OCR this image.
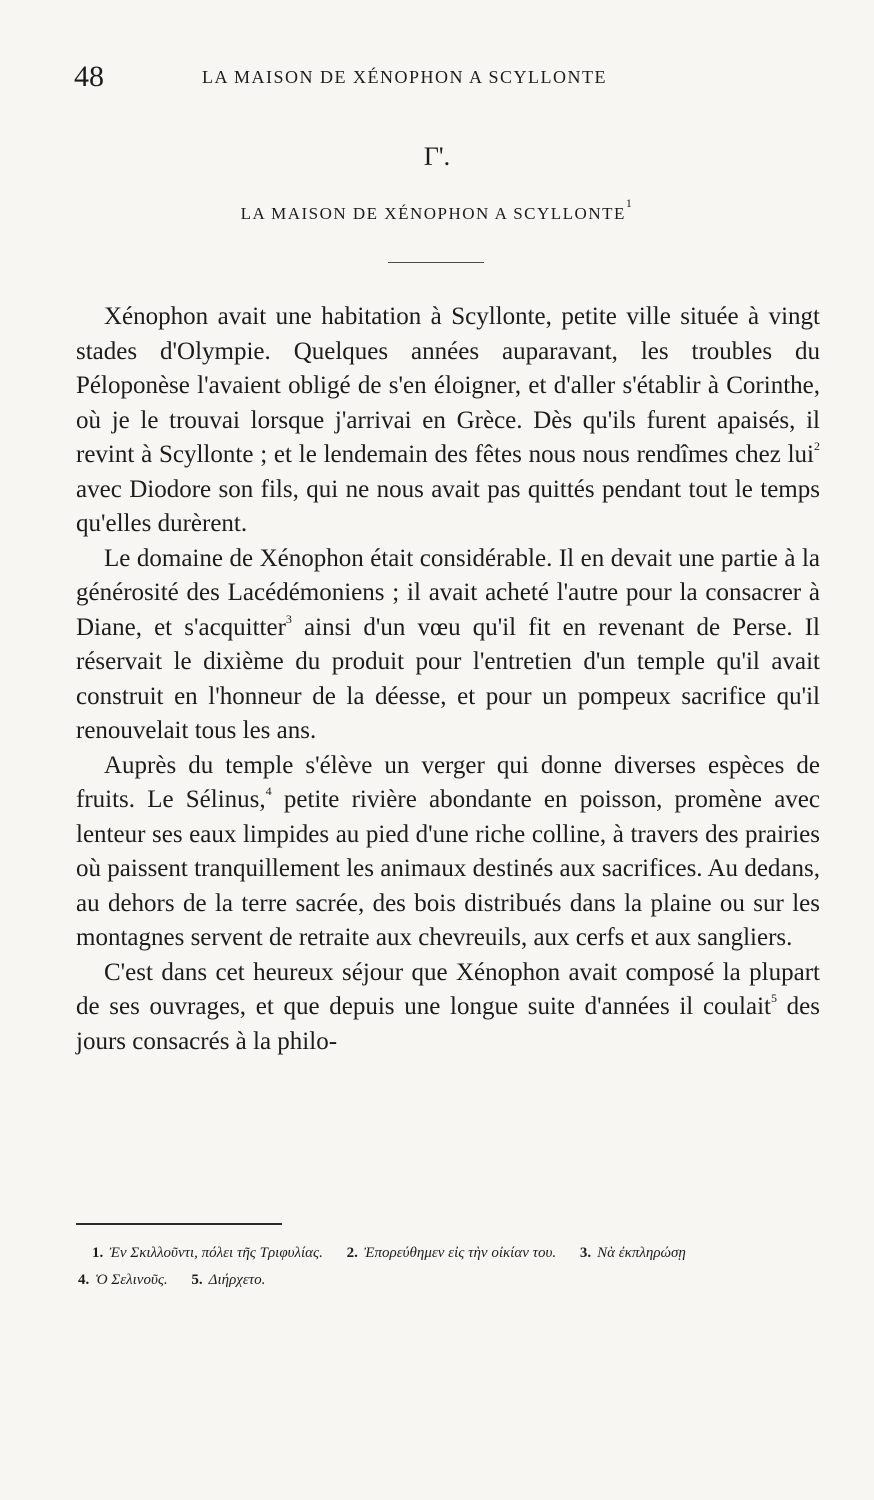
48	LA MAISON DE XÉNOPHON A SCYLLONTE
Γ'.
LA MAISON DE XÉNOPHON A SCYLLONTE$^1$

Xénophon avait une habitation à Scyllonte, petite ville située à vingt stades d'Olympie. Quelques années auparavant, les troubles du Péloponèse l'avaient obligé de s'en éloigner, et d'aller s'établir à Corinthe, où je le trouvai lorsque j'arrivai en Grèce. Dès qu'ils furent apaisés, il revint à Scyllonte ; et le lendemain des fêtes nous nous rendîmes chez lui$^2$ avec Diodore son fils, qui ne nous avait pas quittés pendant tout le temps qu'elles durèrent.

Le domaine de Xénophon était considérable. Il en devait une partie à la générosité des Lacédémoniens ; il avait acheté l'autre pour la consacrer à Diane, et s'acquitter$^3$ ainsi d'un vœu qu'il fit en revenant de Perse. Il réservait le dixième du produit pour l'entretien d'un temple qu'il avait construit en l'honneur de la déesse, et pour un pompeux sacrifice qu'il renouvelait tous les ans.

Auprès du temple s'élève un verger qui donne diverses espèces de fruits. Le Sélinus,$^4$ petite rivière abondante en poisson, promène avec lenteur ses eaux limpides au pied d'une riche colline, à travers des prairies où paissent tranquillement les animaux destinés aux sacrifices. Au dedans, au dehors de la terre sacrée, des bois distribués dans la plaine ou sur les montagnes servent de retraite aux chevreuils, aux cerfs et aux sangliers.

C'est dans cet heureux séjour que Xénophon avait composé la plupart de ses ouvrages, et que depuis une longue suite d'années il coulait$^5$ des jours consacrés à la philo-

1. Ἐν Σκιλλοῦντι, πόλει τῆς Τριφυλίας. 2. Ἐπορεύθημεν εἰς τὴν οἰκίαν του. 3. Νὰ ἐκπληρώσῃ
4. Ὁ Σελινοῦς. 5. Διήρχετο.
